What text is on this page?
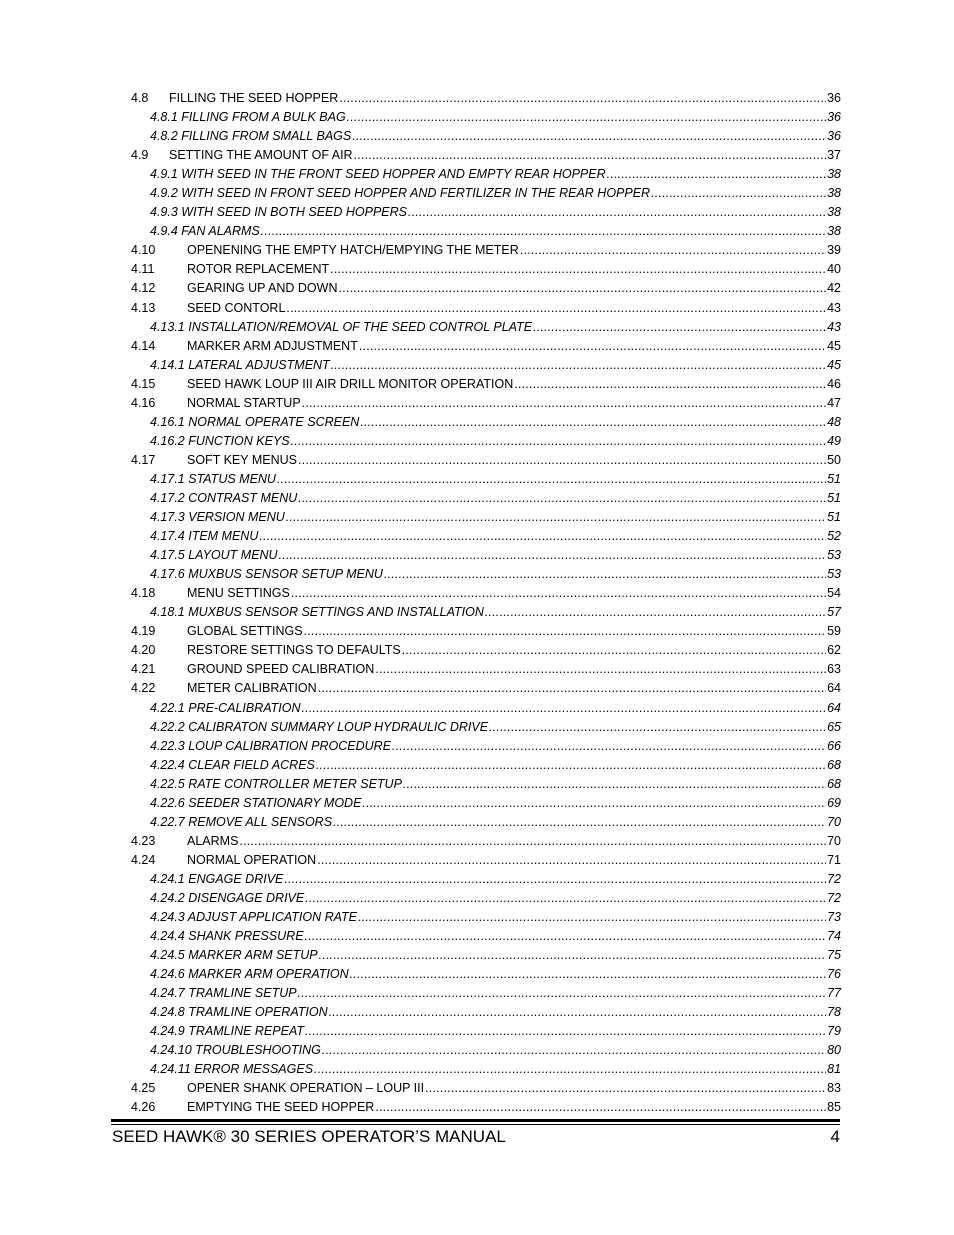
4.8	FILLING THE SEED HOPPER .....	36
4.8.1 FILLING FROM A BULK BAG .....	36
4.8.2 FILLING FROM SMALL BAGS .....	36
4.9	SETTING THE AMOUNT OF AIR .....	37
4.9.1 WITH SEED IN THE FRONT SEED HOPPER AND EMPTY REAR HOPPER .....	38
4.9.2 WITH SEED IN FRONT SEED HOPPER AND FERTILIZER IN THE REAR HOPPER .....	38
4.9.3 WITH SEED IN BOTH SEED HOPPERS .....	38
4.9.4 FAN ALARMS .....	38
4.10	OPENENING THE EMPTY HATCH/EMPYING THE METER .....	39
4.11	ROTOR REPLACEMENT .....	40
4.12	GEARING UP AND DOWN .....	42
4.13	SEED CONTORL .....	43
4.13.1 INSTALLATION/REMOVAL OF THE SEED CONTROL PLATE .....	43
4.14	MARKER ARM ADJUSTMENT .....	45
4.14.1 LATERAL ADJUSTMENT .....	45
4.15	SEED HAWK LOUP III AIR DRILL MONITOR OPERATION .....	46
4.16	NORMAL STARTUP .....	47
4.16.1 NORMAL OPERATE SCREEN .....	48
4.16.2 FUNCTION KEYS .....	49
4.17	SOFT KEY MENUS .....	50
4.17.1 STATUS MENU .....	51
4.17.2 CONTRAST MENU .....	51
4.17.3 VERSION MENU .....	51
4.17.4 ITEM MENU .....	52
4.17.5 LAYOUT MENU .....	53
4.17.6 MUXBUS SENSOR SETUP MENU .....	53
4.18	MENU SETTINGS .....	54
4.18.1 MUXBUS SENSOR SETTINGS AND INSTALLATION .....	57
4.19	GLOBAL SETTINGS .....	59
4.20	RESTORE SETTINGS TO DEFAULTS .....	62
4.21	GROUND SPEED CALIBRATION .....	63
4.22	METER CALIBRATION .....	64
4.22.1 PRE-CALIBRATION .....	64
4.22.2 CALIBRATON SUMMARY LOUP HYDRAULIC DRIVE .....	65
4.22.3 LOUP CALIBRATION PROCEDURE .....	66
4.22.4 CLEAR FIELD ACRES .....	68
4.22.5 RATE CONTROLLER METER SETUP .....	68
4.22.6 SEEDER STATIONARY MODE .....	69
4.22.7 REMOVE ALL SENSORS .....	70
4.23	ALARMS .....	70
4.24	NORMAL OPERATION .....	71
4.24.1 ENGAGE DRIVE .....	72
4.24.2 DISENGAGE DRIVE .....	72
4.24.3 ADJUST APPLICATION RATE .....	73
4.24.4 SHANK PRESSURE .....	74
4.24.5 MARKER ARM SETUP .....	75
4.24.6 MARKER ARM OPERATION .....	76
4.24.7 TRAMLINE SETUP .....	77
4.24.8 TRAMLINE OPERATION .....	78
4.24.9 TRAMLINE REPEAT .....	79
4.24.10 TROUBLESHOOTING .....	80
4.24.11 ERROR MESSAGES .....	81
4.25	OPENER SHANK OPERATION – LOUP III .....	83
4.26	EMPTYING THE SEED HOPPER .....	85
SEED HAWK® 30 SERIES OPERATOR’S MANUAL	4
